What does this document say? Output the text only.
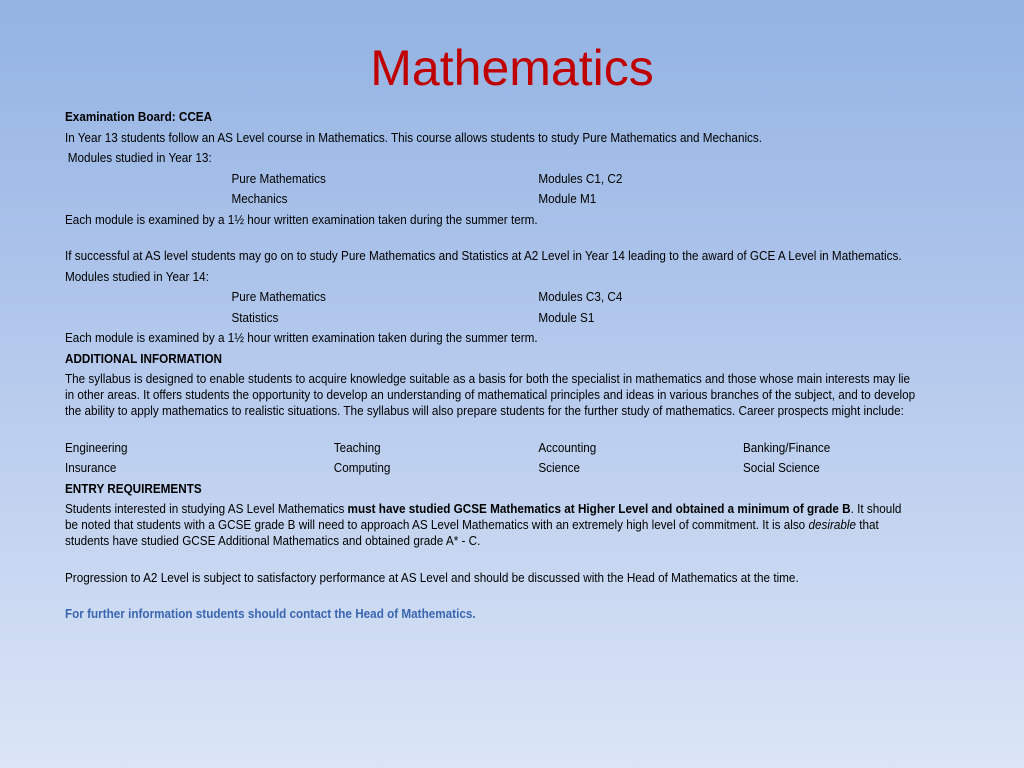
Mathematics

Examination Board: CCEA

In Year 13 students follow an AS Level course in Mathematics. This course allows students to study Pure Mathematics and Mechanics.

Modules studied in Year 13:

Pure Mathematics	Modules C1, C2
Mechanics	Module M1

Each module is examined by a 1½ hour written examination taken during the summer term.

If successful at AS level students may go on to study Pure Mathematics and Statistics at A2 Level in Year 14 leading to the award of GCE A Level in Mathematics.

Modules studied in Year 14:

Pure Mathematics	Modules C3, C4
Statistics	Module S1

Each module is examined by a 1½ hour written examination taken during the summer term.

ADDITIONAL INFORMATION

The syllabus is designed to enable students to acquire knowledge suitable as a basis for both the specialist in mathematics and those whose main interests may lie in other areas. It offers students the opportunity to develop an understanding of mathematical principles and ideas in various branches of the subject, and to develop the ability to apply mathematics to realistic situations. The syllabus will also prepare students for the further study of mathematics. Career prospects might include:

Engineering	Teaching	Accounting	Banking/Finance
Insurance	Computing	Science	Social Science

ENTRY REQUIREMENTS

Students interested in studying AS Level Mathematics must have studied GCSE Mathematics at Higher Level and obtained a minimum of grade B. It should be noted that students with a GCSE grade B will need to approach AS Level Mathematics with an extremely high level of commitment. It is also desirable that students have studied GCSE Additional Mathematics and obtained grade A* - C.

Progression to A2 Level is subject to satisfactory performance at AS Level and should be discussed with the Head of Mathematics at the time.

For further information students should contact the Head of Mathematics.
